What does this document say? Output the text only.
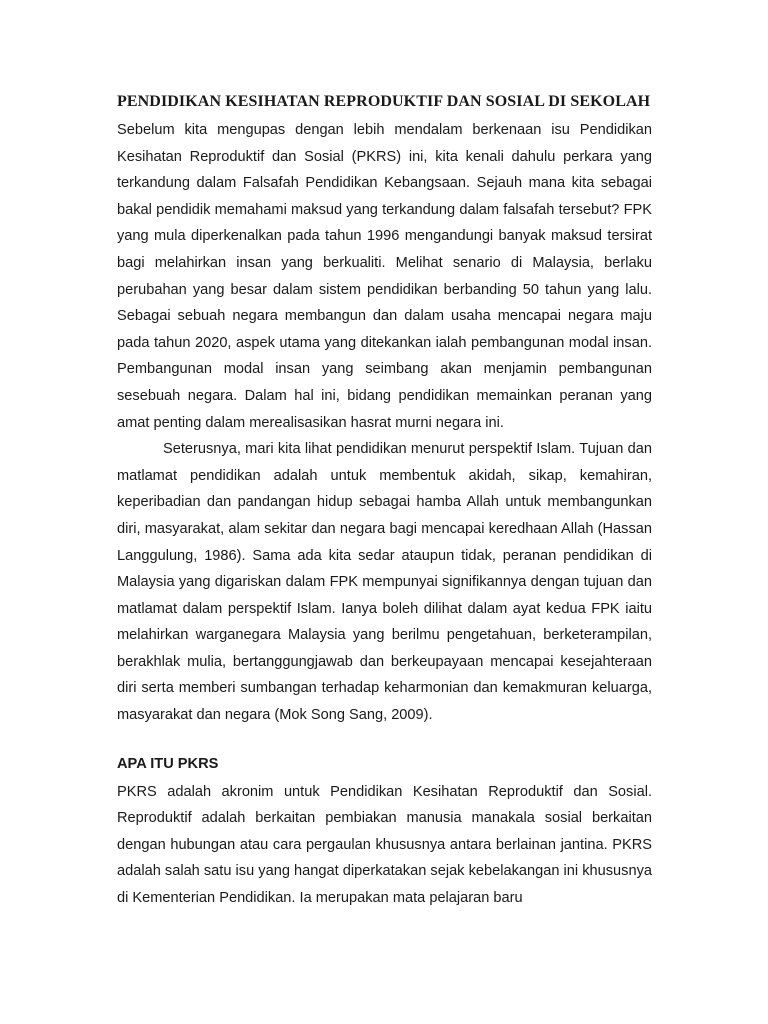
PENDIDIKAN KESIHATAN REPRODUKTIF DAN SOSIAL DI SEKOLAH

Sebelum kita mengupas dengan lebih mendalam berkenaan isu Pendidikan Kesihatan Reproduktif dan Sosial (PKRS) ini, kita kenali dahulu perkara yang terkandung dalam Falsafah Pendidikan Kebangsaan. Sejauh mana kita sebagai bakal pendidik memahami maksud yang terkandung dalam falsafah tersebut? FPK yang mula diperkenalkan pada tahun 1996 mengandungi banyak maksud tersirat bagi melahirkan insan yang berkualiti. Melihat senario di Malaysia, berlaku perubahan yang besar dalam sistem pendidikan berbanding 50 tahun yang lalu. Sebagai sebuah negara membangun dan dalam usaha mencapai negara maju pada tahun 2020, aspek utama yang ditekankan ialah pembangunan modal insan. Pembangunan modal insan yang seimbang akan menjamin pembangunan sesebuah negara. Dalam hal ini, bidang pendidikan memainkan peranan yang amat penting dalam merealisasikan hasrat murni negara ini.

Seterusnya, mari kita lihat pendidikan menurut perspektif Islam. Tujuan dan matlamat pendidikan adalah untuk membentuk akidah, sikap, kemahiran, keperibadian dan pandangan hidup sebagai hamba Allah untuk membangunkan diri, masyarakat, alam sekitar dan negara bagi mencapai keredhaan Allah (Hassan Langgulung, 1986). Sama ada kita sedar ataupun tidak, peranan pendidikan di Malaysia yang digariskan dalam FPK mempunyai signifikannya dengan tujuan dan matlamat dalam perspektif Islam. Ianya boleh dilihat dalam ayat kedua FPK iaitu melahirkan warganegara Malaysia yang berilmu pengetahuan, berketerampilan, berakhlak mulia, bertanggungjawab dan berkeupayaan mencapai kesejahteraan diri serta memberi sumbangan terhadap keharmonian dan kemakmuran keluarga, masyarakat dan negara (Mok Song Sang, 2009).

APA ITU PKRS

PKRS adalah akronim untuk Pendidikan Kesihatan Reproduktif dan Sosial. Reproduktif adalah berkaitan pembiakan manusia manakala sosial berkaitan dengan hubungan atau cara pergaulan khususnya antara berlainan jantina. PKRS adalah salah satu isu yang hangat diperkatakan sejak kebelakangan ini khususnya di Kementerian Pendidikan. Ia merupakan mata pelajaran baru
